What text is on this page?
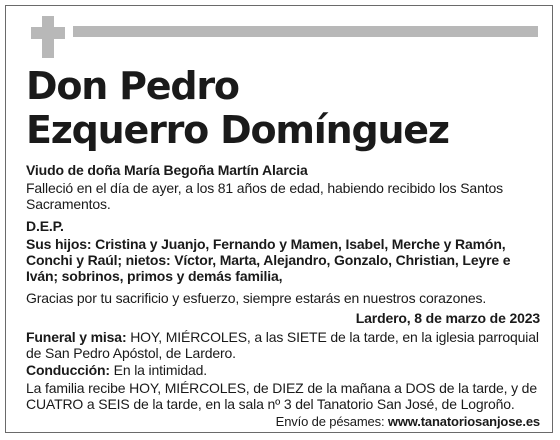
Don Pedro
Ezquerro Domínguez
Viudo de doña María Begoña Martín Alarcia
Falleció en el día de ayer, a los 81 años de edad, habiendo recibido los Santos Sacramentos.
D.E.P.
Sus hijos: Cristina y Juanjo, Fernando y Mamen, Isabel, Merche y Ramón, Conchi y Raúl; nietos: Víctor, Marta, Alejandro, Gonzalo, Christian, Leyre e Iván; sobrinos, primos y demás familia,
Gracias por tu sacrificio y esfuerzo, siempre estarás en nuestros corazones.
Lardero, 8 de marzo de 2023
Funeral y misa: HOY, MIÉRCOLES, a las SIETE de la tarde, en la iglesia parroquial de San Pedro Apóstol, de Lardero.
Conducción: En la intimidad.
La familia recibe HOY, MIÉRCOLES, de DIEZ de la mañana a DOS de la tarde, y de CUATRO a SEIS de la tarde, en la sala nº 3 del Tanatorio San José, de Logroño.
Envío de pésames: www.tanatoriosanjose.es
